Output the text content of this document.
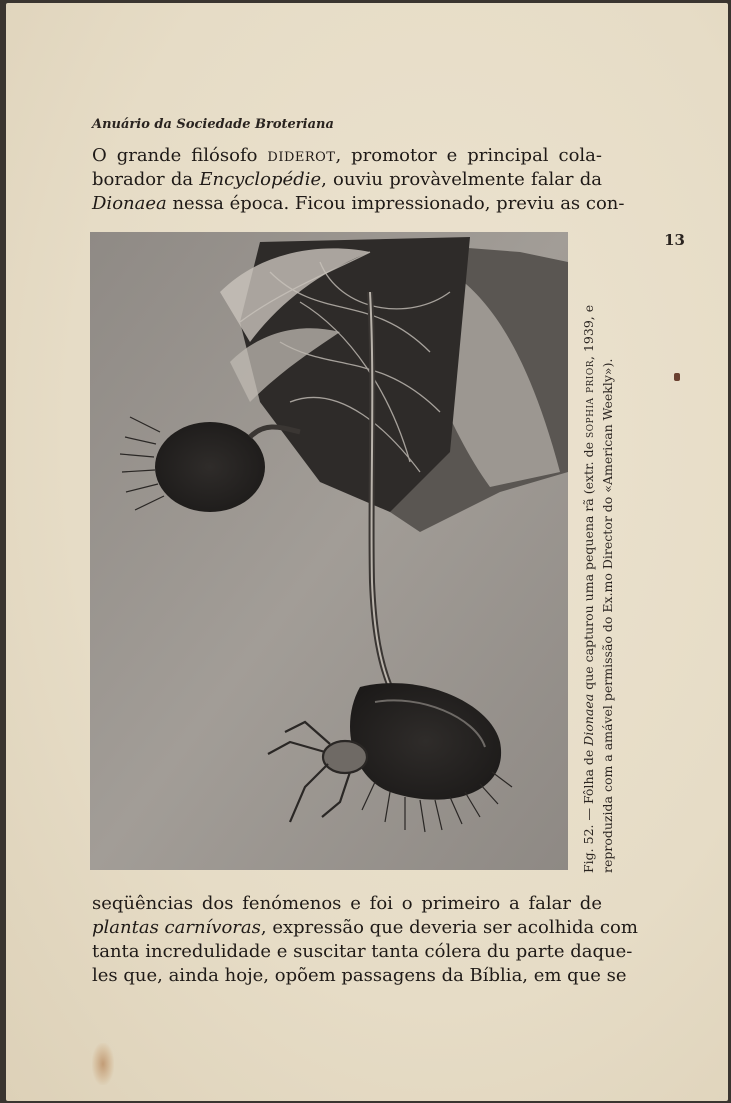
Anuário da Sociedade Broteriana
13
O grande filósofo diderot, promotor e principal cola-
borador da Encyclopédie, ouviu provàvelmente falar da
Dionaea nessa época. Ficou impressionado, previu as con-
Fig. 52. — Fôlha de Dionaea que capturou uma pequena rã (extr. de sophia prior, 1939, e
reproduzida com a amável permissão do Ex.mo Director do «American Weekly»).
seqüências dos fenómenos e foi o primeiro a falar de
plantas carnívoras, expressão que deveria ser acolhida com
tanta incredulidade e suscitar tanta cólera du parte daque-
les que, ainda hoje, opõem passagens da Bíblia, em que se
